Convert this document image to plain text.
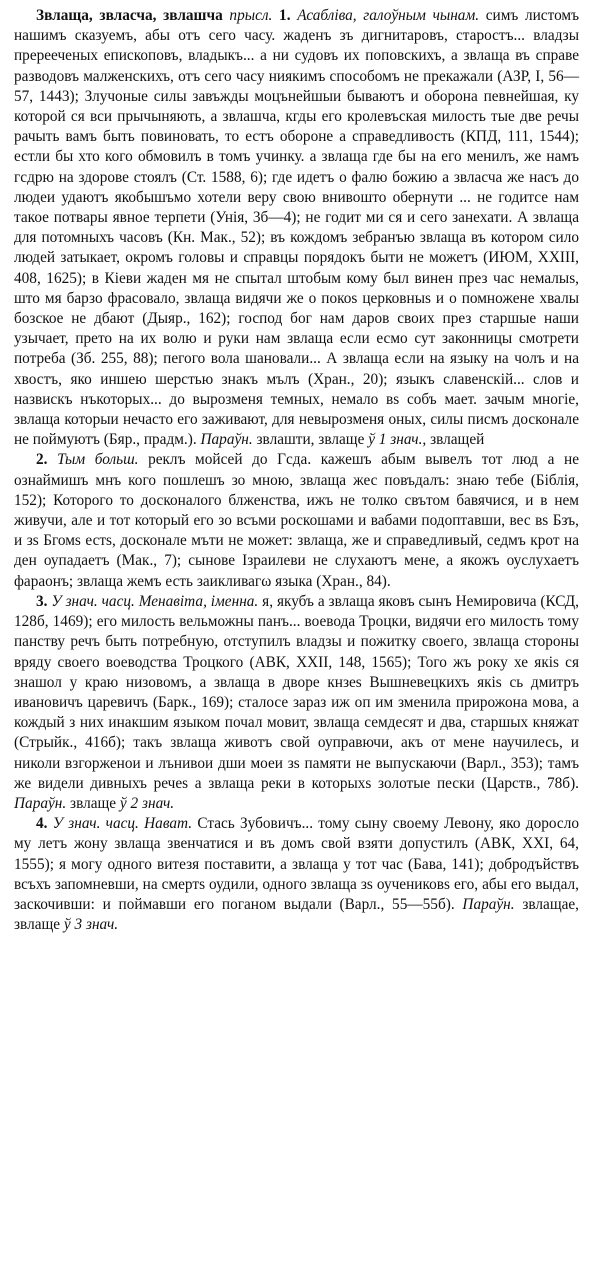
Звлаща, звласча, звлашча прысл. 1. Асабліва, галоўным чынам. симъ листомъ нашимъ сказуемъ, абы отъ сего часу. жаденъ зъ дигнитаровъ, старостъ... владзы пререеченых епископовъ, владыкъ... а ни судовъ их поповскихъ, а звлаща въ справе разводовъ малженскихъ, отъ сего часу ниякимъ способомъ не прекажали (АЗР, I, 56—57, 1443); Злучоные силы завъжды моцънейшыи бываютъ и оборона певнейшая, ку которой ся вси прычыняють, а звлашча, кгды его кролевъская милость тые две речы рачыть вамъ быть повиновать, то естъ обороне а справедливость (КПД, 111, 1544); естли бы хто кого обмовилъ в томъ учинку. а звлаща где бы на его менилъ, же намъ гсдрю на здорове стоялъ (Ст. 1588, 6); где идетъ о фалю божию а звласча же насъ до людеи удаютъ якобышъмо хотели веру свою внивошто оберн​ути ... не годитсе нам такое потвары явное терпети (Унія, 3б—4); не годит ми ся и сего занехати. А звлаща для потомныхъ часовъ (Кн. Мак., 52); въ кождомъ зебранъю звлаща въ котором сило людей затыкает, окромъ головы и справцы порядокъ быти не можетъ (ИЮМ, XXIII, 408, 1625); в Кіеви жаден мя не спытал штобым кому был винен през час немалыs, што мя барзо фрасовало, звлаща видячи же о покоs церковныs и о помноженe хвалы бозскоe не дбают (Дыяр., 162); господ бог нам даров своих през старшые наши узычает, прето на их волю и руки нам звлаща если есмо сут законницы смотрети потреба (Зб. 255, 88); пегого вола шановали... А звлаща если на языку на чолъ и на хвостъ, яко инш​ею шерстью знакъ мълъ (Хран., 20); языкъ славенскій... слов и назвискъ нъкоторых... до вырозменя темных, немало вs собъ мает. зачым многіе, звлаща которыи нечасто его заживают, для невырозменя оных, силы писмъ досконале не поймуютъ (Бяр., прадм.). Параўн. звлашти, звлаще ў 1 знач., звлащей

2. Тым больш. реклъ мойсей до Гсда. кажешъ абым вывелъ тот люд а не ознаймишъ мнъ кого пошлешъ зо мною, звлаща жес повъдалъ: знаю тебе (Біблія, 152); Которого то досконалого блженства, ижъ не толко свътом бавячися, и в нем живучи, але и тот который его зо всъми роскошами и вабами подоптавши, вес вs Бзъ, и зs Бгомs естs, досконале мъти не может: звлаща, же и справедливый, седмъ крот на ден оупадаетъ (Мак., 7); сынове Ізраилеви не слухаютъ мене, а якожъ оуслухаетъ фараонъ; звлаща жемъ есть заикливагω языка (Хран., 84).

3. У знач. часц. Менавіта, іменна. я, якубъ а звлаща яковъ сынъ Немировича (КСД, 128б, 1469); его милость вельможны панъ... воевода Троцки, видячи его милость тому панству речъ быть потребную, отступилъ владзы и пожитку своего, звлаща стороны вряду своего воеводства Троцкого (АВК, XXII, 148, 1565); Того жъ року хе якіs ся знашол у краю низовомъ, а звлаща в дворе кнзеs Вышневецкихъ якіs сь дмитръ ивановичъ царевичъ (Барк., 169); сталосе зараз иж оп им зменила прирожона мова, а кождый з них инакшим языком почал мовит, звлаща семдесят и два, старшых княжат (Стрыйк., 416б); такъ звлаща животъ свой оуправючи, акъ от мене научилесь, и николи взгорженои и лънивои дши моеи зs памяти не выпускаючи (Варл., 353); тамъ же видели дивныхъ речеs а звлаща реки в которыхs золотые пески (Царств., 78б). Параўн. звлаще ў 2 знач.

4. У знач. часц. Нават. Стась Зубовичъ... тому сыну своему Левону, яко доросло му летъ жону звлаща звенчатися и въ домъ свой взяти допустилъ (АВК, XXI, 64, 1555); я могу одного витезя поставити, а звлаща у тот час (Бава, 141); добродъйствъ всъхъ запомневши, на смертs оудили, одного звлаща зs оучениковs его, абы его выдал, заскочивши: и поймавши его поганом выдали (Варл., 55—55б). Параўн. звлащае, звлаще ў 3 знач.
